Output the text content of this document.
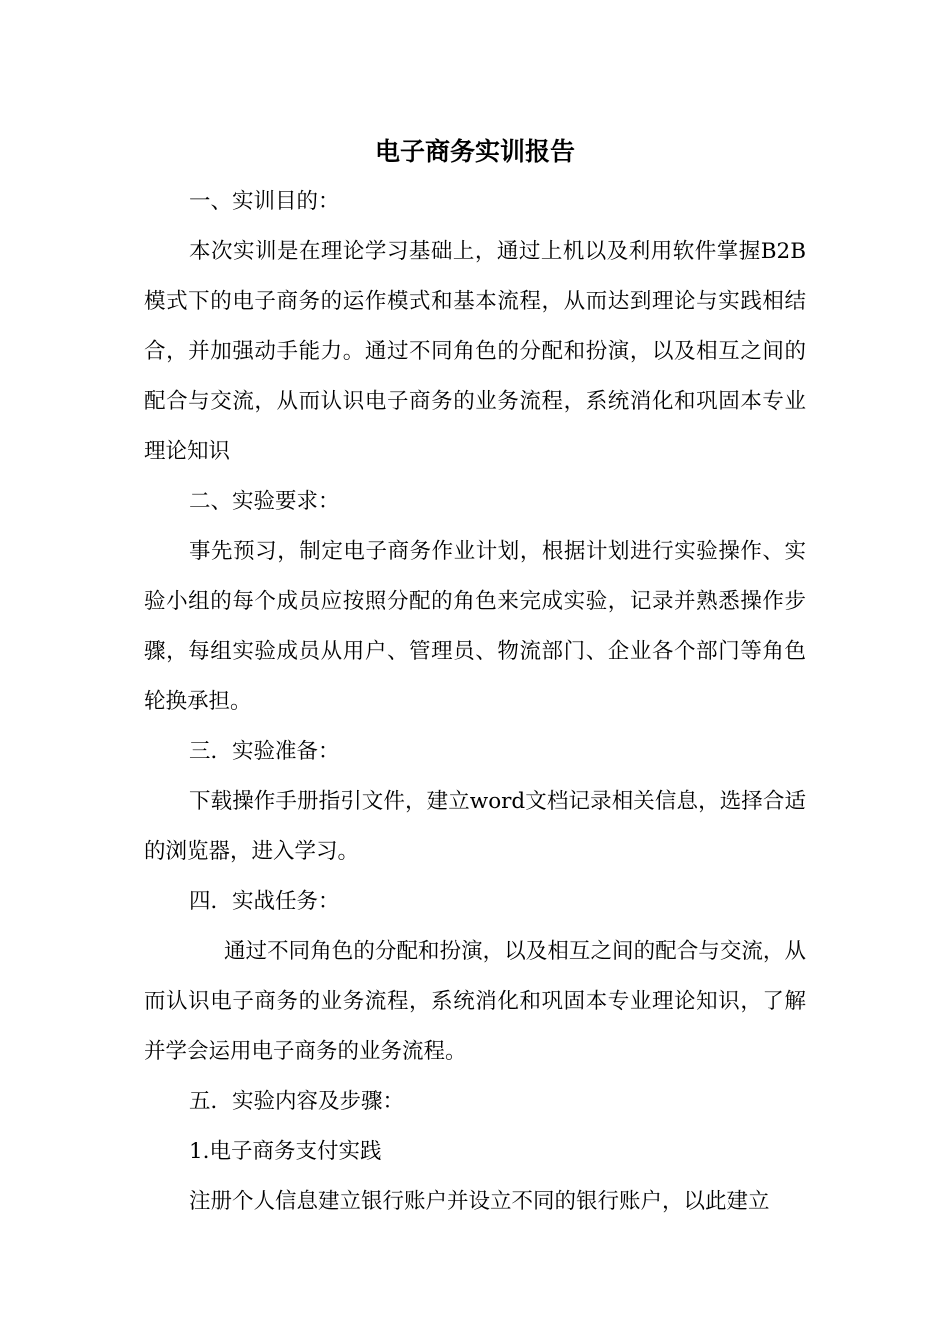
电子商务实训报告

一、实训目的：

本次实训是在理论学习基础上，通过上机以及利用软件掌握B2B模式下的电子商务的运作模式和基本流程，从而达到理论与实践相结合，并加强动手能力。通过不同角色的分配和扮演，以及相互之间的配合与交流，从而认识电子商务的业务流程，系统消化和巩固本专业理论知识

二、实验要求：

事先预习，制定电子商务作业计划，根据计划进行实验操作、实验小组的每个成员应按照分配的角色来完成实验，记录并熟悉操作步骤，每组实验成员从用户、管理员、物流部门、企业各个部门等角色轮换承担。

三．实验准备：

下载操作手册指引文件，建立word文档记录相关信息，选择合适的浏览器，进入学习。

四．实战任务：

通过不同角色的分配和扮演，以及相互之间的配合与交流，从而认识电子商务的业务流程，系统消化和巩固本专业理论知识，了解并学会运用电子商务的业务流程。

五．实验内容及步骤：

1.电子商务支付实践

注册个人信息建立银行账户并设立不同的银行账户，以此建立
